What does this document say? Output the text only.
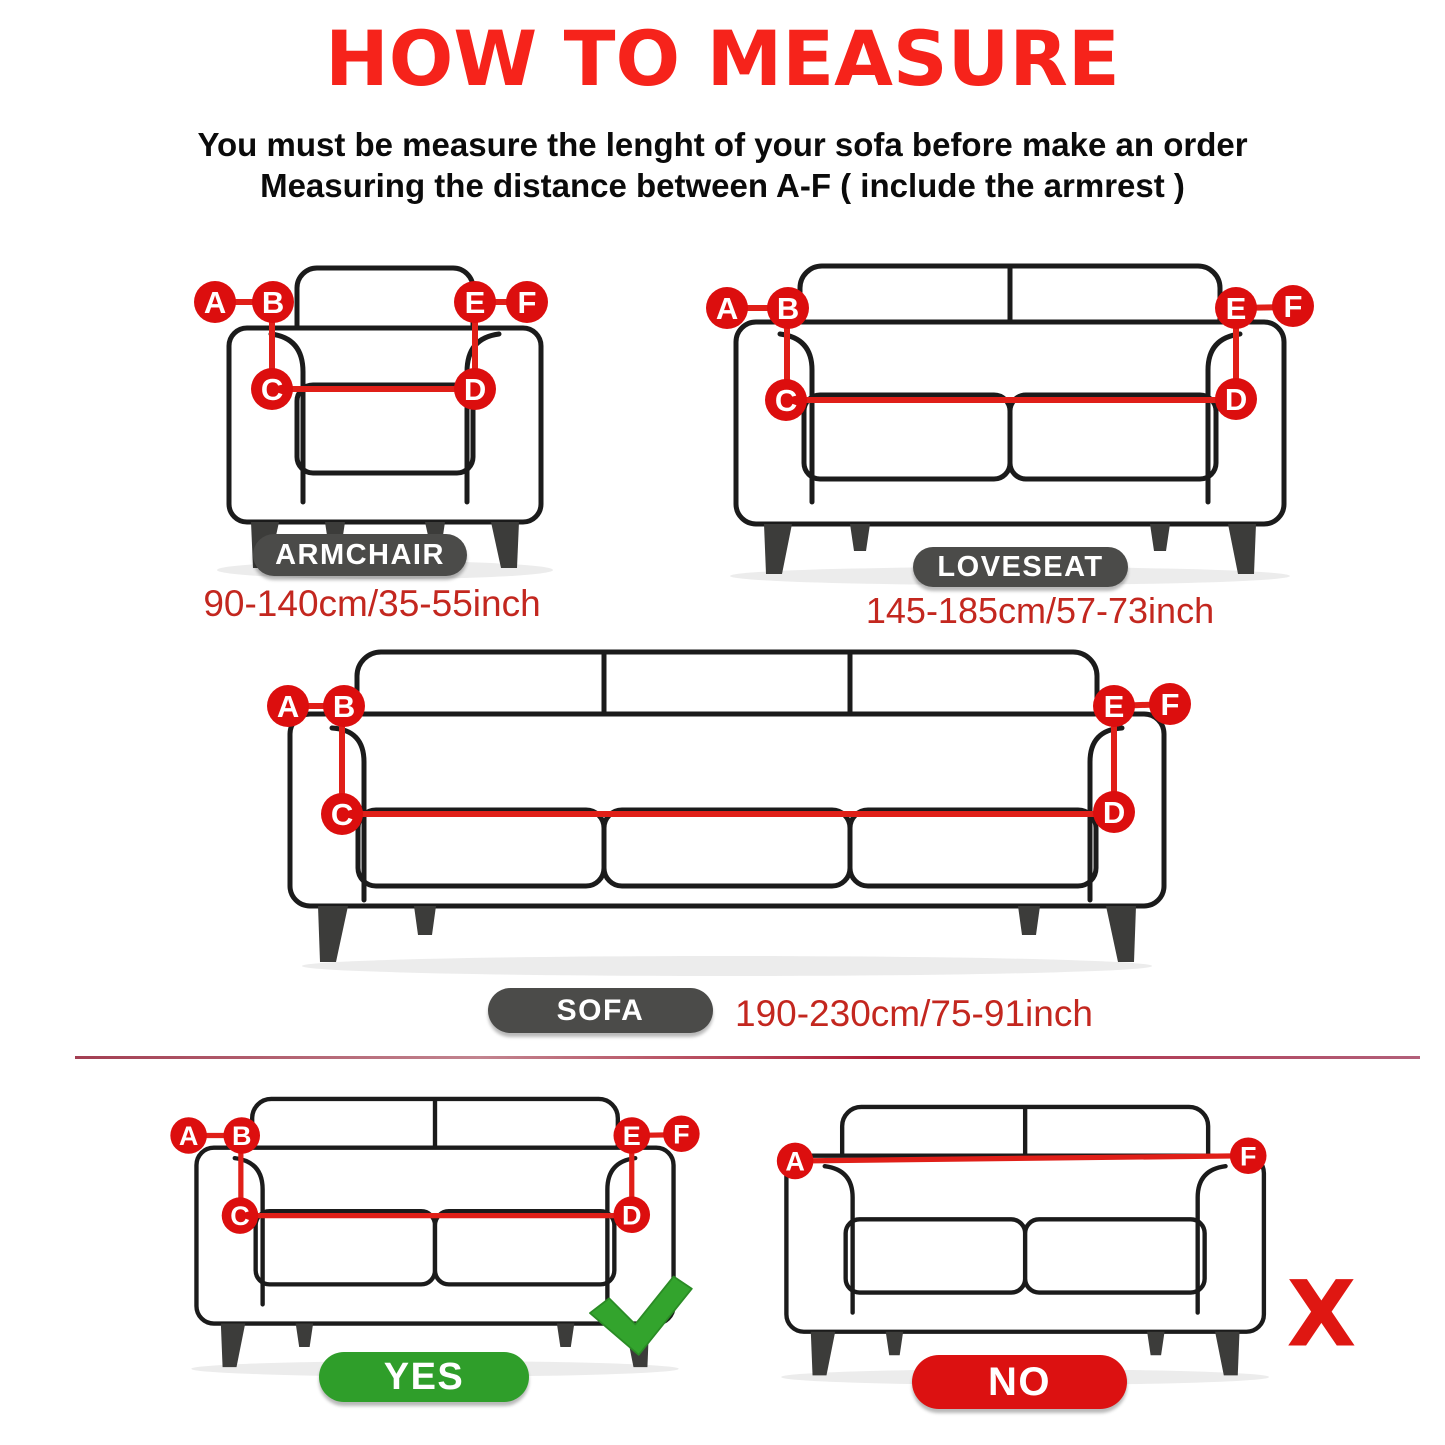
HOW TO MEASURE
You must be measure the lenght of your sofa before make an order
Measuring the distance between A-F ( include the armrest )
A B
C	D
E F
ARMCHAIR
90-140cm/35-55inch
A B
C	D
E F
LOVESEAT
145-185cm/57-73inch
A B
C	D
E F
SOFA 190-230cm/75-91inch
A B
C	D
E F
YES
A	F
X
NO
